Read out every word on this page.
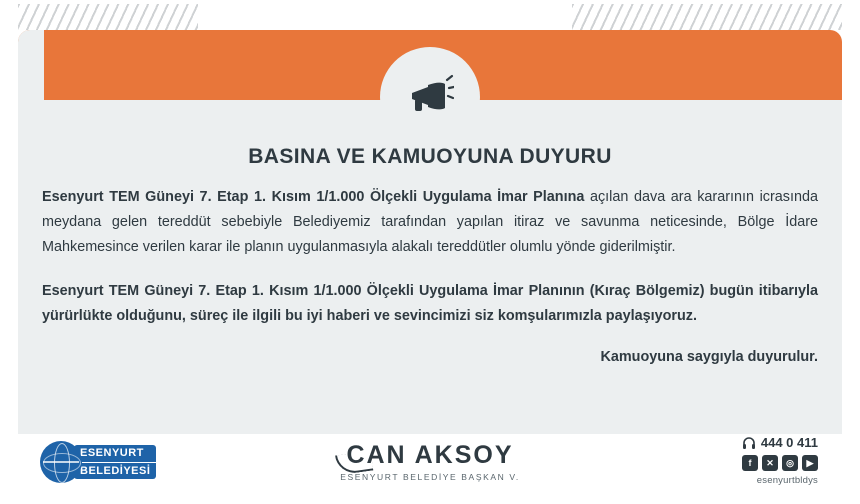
BASINA VE KAMUOYUNA DUYURU

Esenyurt TEM Güneyi 7. Etap 1. Kısım 1/1.000 Ölçekli Uygulama İmar Planına açılan dava ara kararının icrasında meydana gelen tereddüt sebebiyle Belediyemiz tarafından yapılan itiraz ve savunma neticesinde, Bölge İdare Mahkemesince verilen karar ile planın uygulanmasıyla alakalı tereddütler olumlu yönde giderilmiştir.

Esenyurt TEM Güneyi 7. Etap 1. Kısım 1/1.000 Ölçekli Uygulama İmar Planının (Kıraç Bölgemiz) bugün itibarıyla yürürlükte olduğunu, süreç ile ilgili bu iyi haberi ve sevincimizi siz komşularımızla paylaşıyoruz.

Kamuoyuna saygıyla duyurulur.
ESENYURT
BELEDİYESİ
CAN AKSOY
ESENYURT BELEDİYE BAŞKAN V.
444 0 411
f	✕	◎	▶
esenyurtbldys
